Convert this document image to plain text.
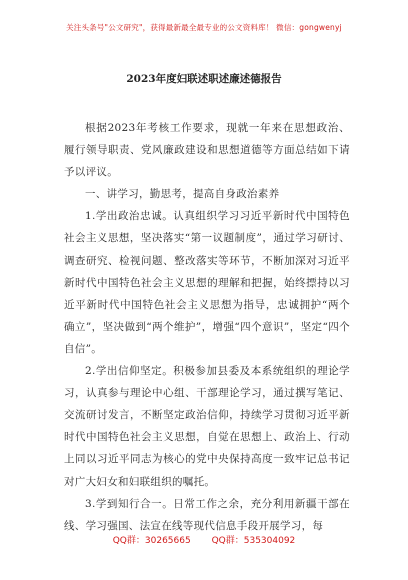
关注头条号"公文研究"，获得最新最全最专业的公文资料库！ 微信：gongwenyj
2023年度妇联述职述廉述德报告

根据2023年考核工作要求，现就一年来在思想政治、履行领导职责、党风廉政建设和思想道德等方面总结如下请予以评议。

一、讲学习，勤思考，提高自身政治素养

1.学出政治忠诚。认真组织学习习近平新时代中国特色社会主义思想，坚决落实“第一议题制度”，通过学习研讨、调查研究、检视问题、整改落实等环节，不断加深对习近平新时代中国特色社会主义思想的理解和把握，始终摽持以习近平新时代中国特色社会主义思想为指导，忠诚拥护“两个确立”，坚决做到“两个维护”，增强“四个意识”，坚定“四个自信”。

2.学出信仰坚定。积极参加县委及本系统组织的理论学习，认真参与理论中心组、干部理论学习，通过撰写笔记、交流研讨发言，不断坚定政治信仰，持续学习贯彻习近平新时代中国特色社会主义思想，自觉在思想上、政治上、行动上同以习近平同志为核心的党中央保持高度一致牢记总书记对广大妇女和妇联组织的嘱托。

3.学到知行合一。日常工作之余，充分利用新疆干部在线、学习强国、法宣在线等现代信息手段开展学习，每

QQ群：30265665 QQ群：535304092
